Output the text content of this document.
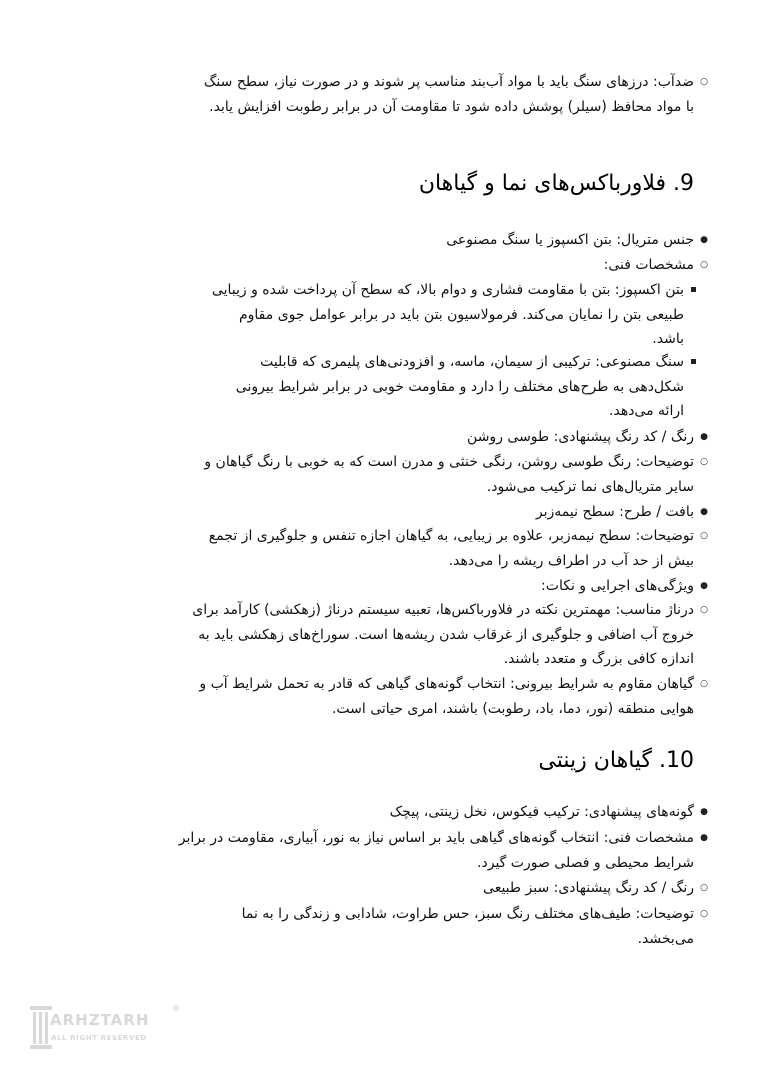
○
ضدآب: درزهای سنگ باید با مواد آب‌بند مناسب پر شوند و در صورت نیاز، سطح سنگ با مواد محافظ (سیلر) پوشش داده شود تا مقاومت آن در برابر رطوبت افزایش یابد.
9. فلاورباکس‌های نما و گیاهان
●
جنس متریال: بتن اکسپوز یا سنگ مصنوعی
○
مشخصات فنی:
بتن اکسپوز: بتن با مقاومت فشاری و دوام بالا، که سطح آن پرداخت شده و زیبایی طبیعی بتن را نمایان می‌کند. فرمولاسیون بتن باید در برابر عوامل جوی مقاوم باشد.
سنگ مصنوعی: ترکیبی از سیمان، ماسه، و افزودنی‌های پلیمری که قابلیت شکل‌دهی به طرح‌های مختلف را دارد و مقاومت خوبی در برابر شرایط بیرونی ارائه می‌دهد.
●
رنگ / کد رنگ پیشنهادی: طوسی روشن
○
توضیحات: رنگ طوسی روشن، رنگی خنثی و مدرن است که به خوبی با رنگ گیاهان و سایر متریال‌های نما ترکیب می‌شود.
●
بافت / طرح: سطح نیمه‌زبر
○
توضیحات: سطح نیمه‌زبر، علاوه بر زیبایی، به گیاهان اجازه تنفس و جلوگیری از تجمع بیش از حد آب در اطراف ریشه را می‌دهد.
●
ویژگی‌های اجرایی و نکات:
○
درناژ مناسب: مهمترین نکته در فلاورباکس‌ها، تعبیه سیستم درناژ (زهکشی) کارآمد برای خروج آب اضافی و جلوگیری از غرقاب شدن ریشه‌ها است. سوراخ‌های زهکشی باید به اندازه کافی بزرگ و متعدد باشند.
○
گیاهان مقاوم به شرایط بیرونی: انتخاب گونه‌های گیاهی که قادر به تحمل شرایط آب و هوایی منطقه (نور، دما، باد، رطوبت) باشند، امری حیاتی است.
10. گیاهان زینتی
●
گونه‌های پیشنهادی: ترکیب فیکوس، نخل زینتی، پیچک
●
مشخصات فنی: انتخاب گونه‌های گیاهی باید بر اساس نیاز به نور، آبیاری، مقاومت در برابر شرایط محیطی و فصلی صورت گیرد.
○
رنگ / کد رنگ پیشنهادی: سبز طبیعی
○
توضیحات: طیف‌های مختلف رنگ سبز، حس طراوت، شادابی و زندگی را به نما می‌بخشد.
ARHZTARH
ALL RIGHT RESERVED
®
